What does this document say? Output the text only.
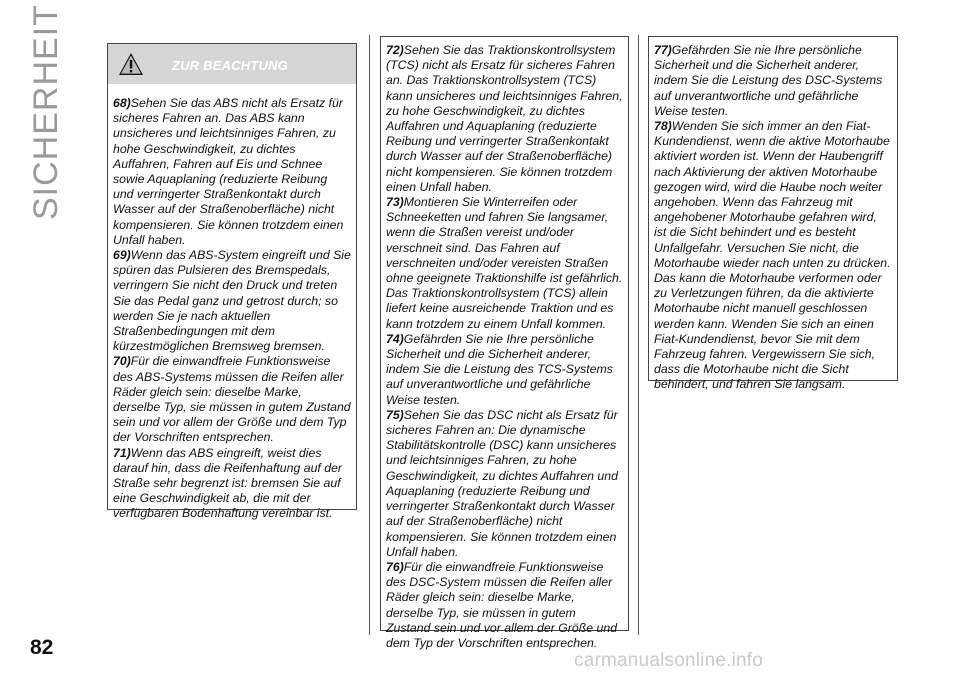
SICHERHEIT	ZUR BEACHTUNG

68)Sehen Sie das ABS nicht als Ersatz für sicheres Fahren an. Das ABS kann unsicheres und leichtsinniges Fahren, zu hohe Geschwindigkeit, zu dichtes Auffahren, Fahren auf Eis und Schnee sowie Aquaplaning (reduzierte Reibung und verringerter Straßenkontakt durch Wasser auf der Straßenoberfläche) nicht kompensieren. Sie können trotzdem einen Unfall haben.

69)Wenn das ABS-System eingreift und Sie spüren das Pulsieren des Bremspedals, verringern Sie nicht den Druck und treten Sie das Pedal ganz und getrost durch; so werden Sie je nach aktuellen Straßenbedingungen mit dem kürzestmöglichen Bremsweg bremsen.

70)Für die einwandfreie Funktionsweise des ABS-Systems müssen die Reifen aller Räder gleich sein: dieselbe Marke, derselbe Typ, sie müssen in gutem Zustand sein und vor allem der Größe und dem Typ der Vorschriften entsprechen.

71)Wenn das ABS eingreift, weist dies darauf hin, dass die Reifenhaftung auf der Straße sehr begrenzt ist: bremsen Sie auf eine Geschwindigkeit ab, die mit der verfügbaren Bodenhaftung vereinbar ist.

72)Sehen Sie das Traktionskontrollsystem (TCS) nicht als Ersatz für sicheres Fahren an. Das Traktionskontrollsystem (TCS) kann unsicheres und leichtsinniges Fahren, zu hohe Geschwindigkeit, zu dichtes Auffahren und Aquaplaning (reduzierte Reibung und verringerter Straßenkontakt durch Wasser auf der Straßenoberfläche) nicht kompensieren. Sie können trotzdem einen Unfall haben.

73)Montieren Sie Winterreifen oder Schneeketten und fahren Sie langsamer, wenn die Straßen vereist und/oder verschneit sind. Das Fahren auf verschneiten und/oder vereisten Straßen ohne geeignete Traktionshilfe ist gefährlich. Das Traktionskontrollsystem (TCS) allein liefert keine ausreichende Traktion und es kann trotzdem zu einem Unfall kommen.

74)Gefährden Sie nie Ihre persönliche Sicherheit und die Sicherheit anderer, indem Sie die Leistung des TCS-Systems auf unverantwortliche und gefährliche Weise testen.

75)Sehen Sie das DSC nicht als Ersatz für sicheres Fahren an: Die dynamische Stabilitätskontrolle (DSC) kann unsicheres und leichtsinniges Fahren, zu hohe Geschwindigkeit, zu dichtes Auffahren und Aquaplaning (reduzierte Reibung und verringerter Straßenkontakt durch Wasser auf der Straßenoberfläche) nicht kompensieren. Sie können trotzdem einen Unfall haben.

76)Für die einwandfreie Funktionsweise des DSC-System müssen die Reifen aller Räder gleich sein: dieselbe Marke, derselbe Typ, sie müssen in gutem Zustand sein und vor allem der Größe und dem Typ der Vorschriften entsprechen.

77)Gefährden Sie nie Ihre persönliche Sicherheit und die Sicherheit anderer, indem Sie die Leistung des DSC-Systems auf unverantwortliche und gefährliche Weise testen.

78)Wenden Sie sich immer an den Fiat-Kundendienst, wenn die aktive Motorhaube aktiviert worden ist. Wenn der Haubengriff nach Aktivierung der aktiven Motorhaube gezogen wird, wird die Haube noch weiter angehoben. Wenn das Fahrzeug mit angehobener Motorhaube gefahren wird, ist die Sicht behindert und es besteht Unfallgefahr. Versuchen Sie nicht, die Motorhaube wieder nach unten zu drücken. Das kann die Motorhaube verformen oder zu Verletzungen führen, da die aktivierte Motorhaube nicht manuell geschlossen werden kann. Wenden Sie sich an einen Fiat-Kundendienst, bevor Sie mit dem Fahrzeug fahren. Vergewissern Sie sich, dass die Motorhaube nicht die Sicht behindert, und fahren Sie langsam.

82
carmanualsonline.info
